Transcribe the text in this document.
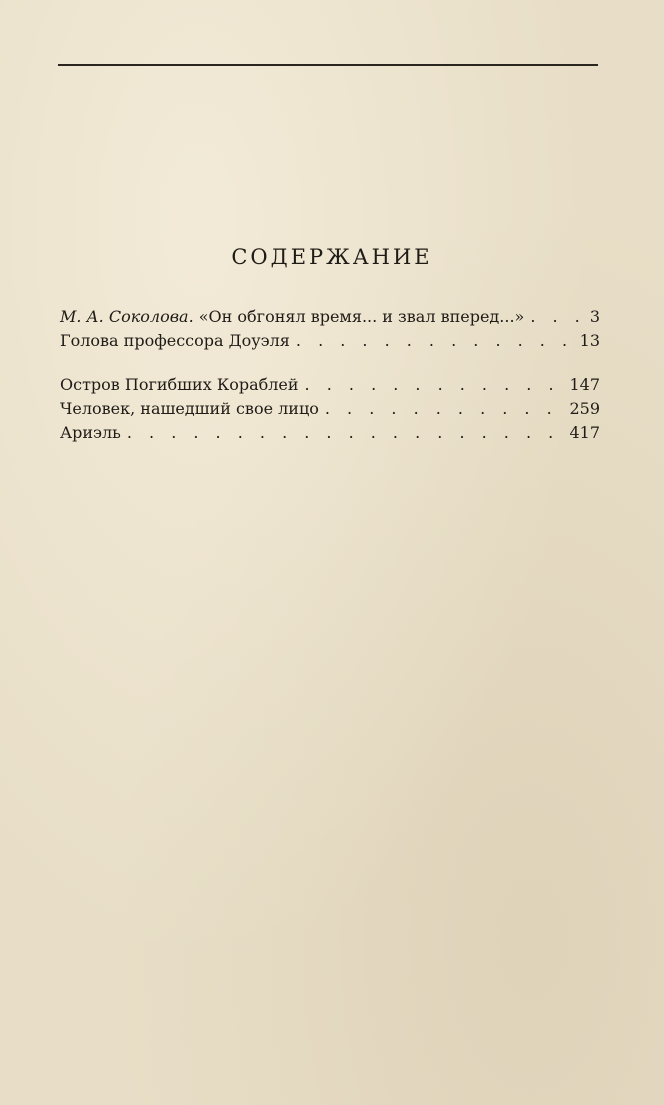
СОДЕРЖАНИЕ
М. А. Соколова. «Он обгонял время... и звал вперед...» . . .	3
Голова профессора Доуэля . . .	13
Остров Погибших Кораблей . . .	147
Человек, нашедший свое лицо . . .	259
Ариэль . . .	417
